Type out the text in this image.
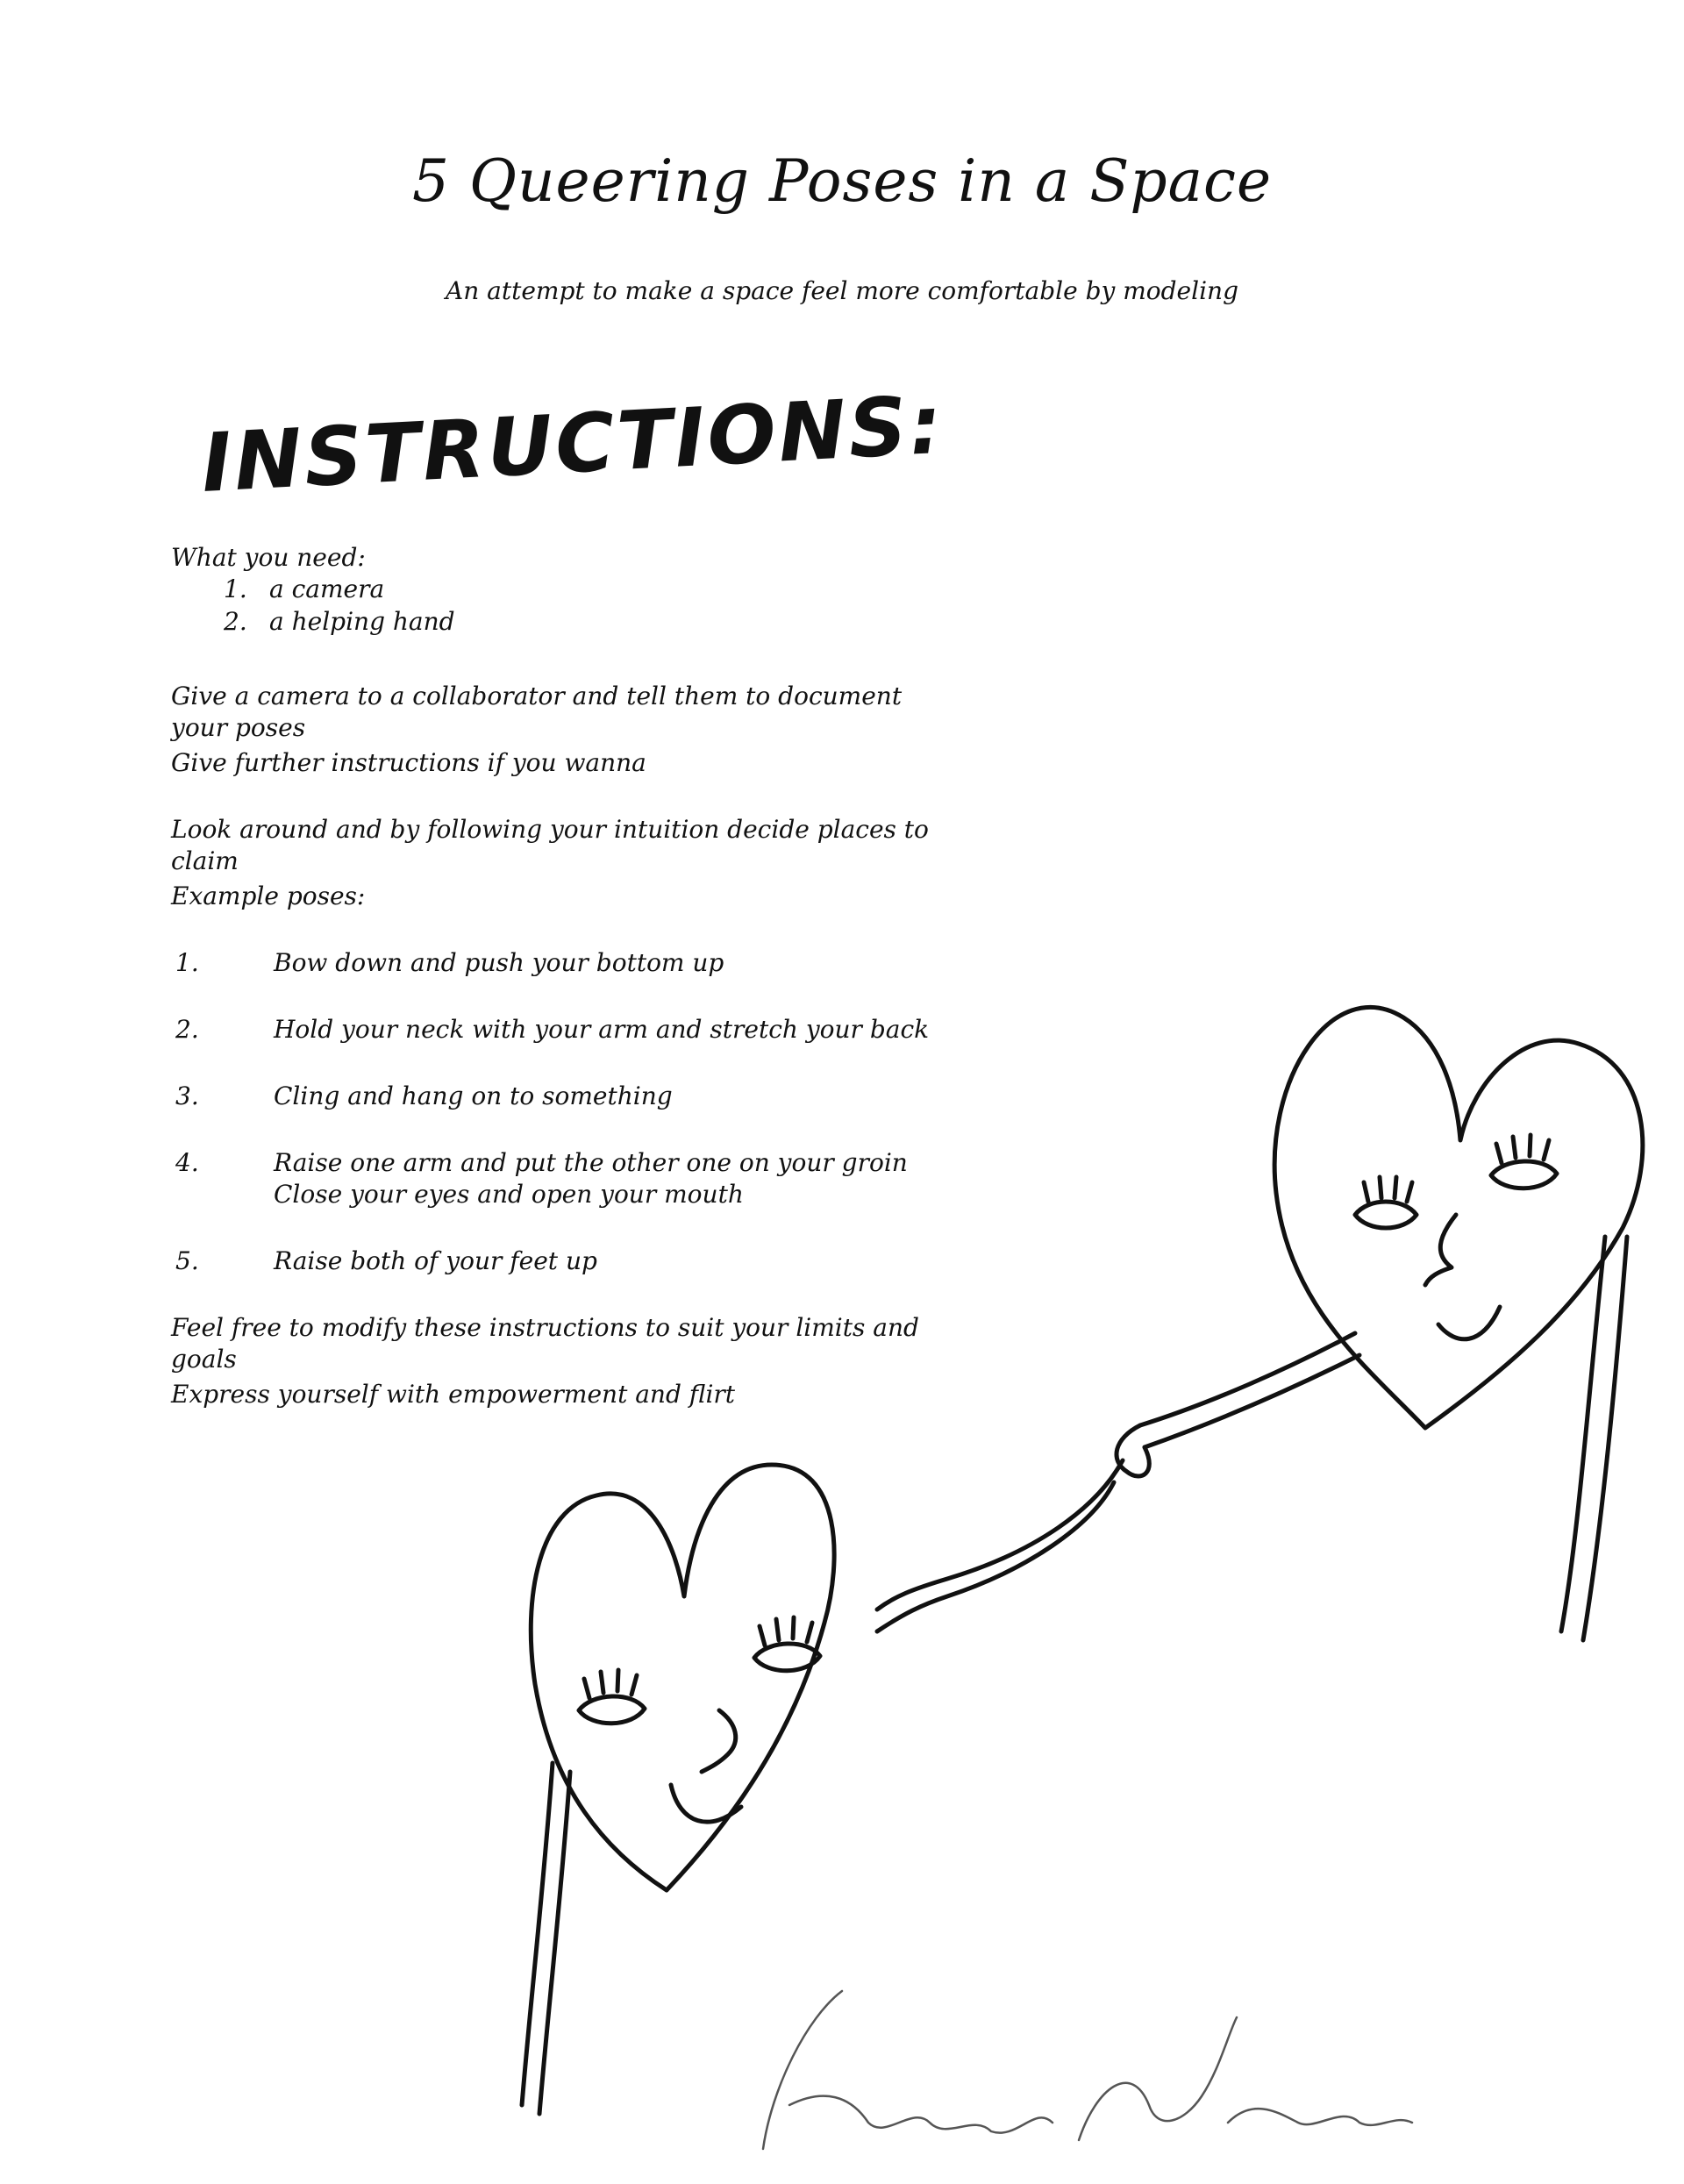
5 Queering Poses in a Space

An attempt to make a space feel more comfortable by modeling

INSTRUCTIONS:

What you need:

1. a camera
2. a helping hand

Give a camera to a collaborator and tell them to document your poses

Give further instructions if you wanna

Look around and by following your intuition decide places to claim

Example poses:

1.	Bow down and push your bottom up
2.	Hold your neck with your arm and stretch your back
3.	Cling and hang on to something
4.	Raise one arm and put the other one on your groin
Close your eyes and open your mouth
5.	Raise both of your feet up

Feel free to modify these instructions to suit your limits and goals

Express yourself with empowerment and flirt
